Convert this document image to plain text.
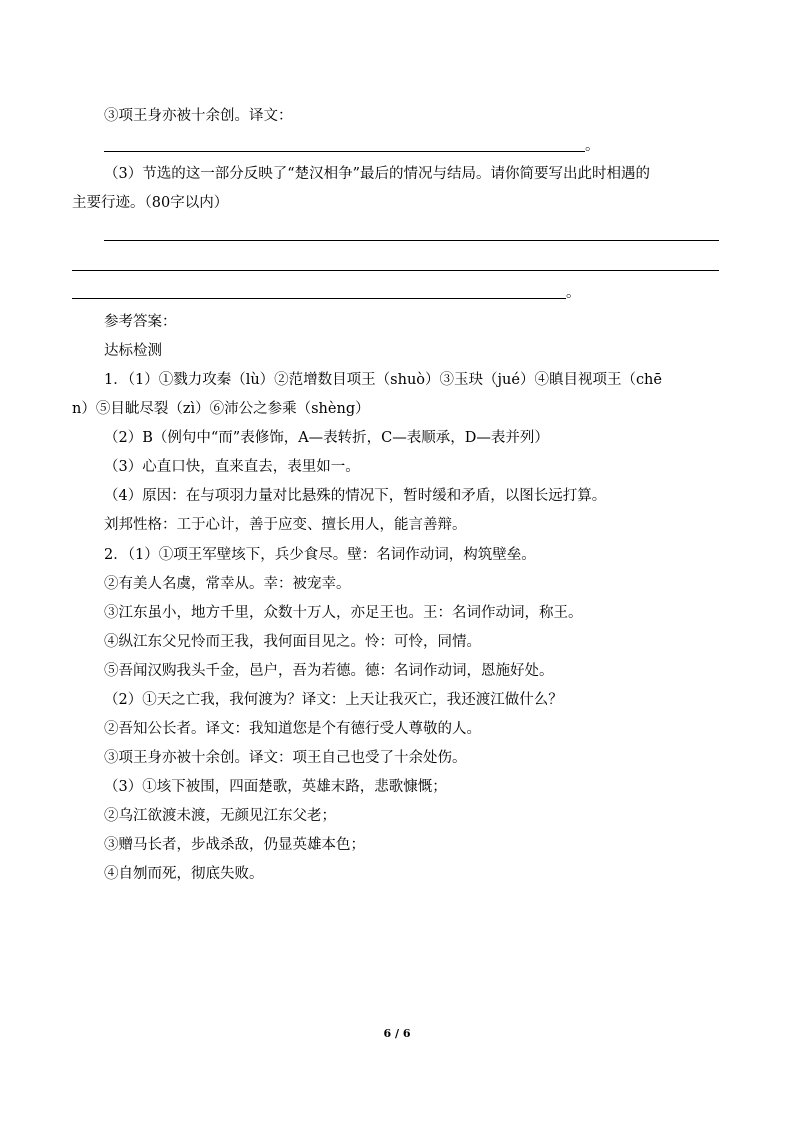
③项王身亦被十余创。译文：
。
（3）节选的这一部分反映了“楚汉相争”最后的情况与结局。请你简要写出此时相遇的
主要行迹。（80字以内）
。
参考答案：
达标检测
1．（1）①戮力攻秦（lù）②范增数目项王（shuò）③玉玦（jué）④瞋目视项王（chē
n）⑤目眦尽裂（zì）⑥沛公之参乘（shèng）
（2）B（例句中“而”表修饰，A—表转折，C—表顺承，D—表并列）
（3）心直口快，直来直去，表里如一。
（4）原因：在与项羽力量对比悬殊的情况下，暂时缓和矛盾，以图长远打算。
刘邦性格：工于心计，善于应变、擅长用人，能言善辩。
2．（1）①项王军壁垓下，兵少食尽。壁：名词作动词，构筑壁垒。
②有美人名虞，常幸从。幸：被宠幸。
③江东虽小，地方千里，众数十万人，亦足王也。王：名词作动词，称王。
④纵江东父兄怜而王我，我何面目见之。怜：可怜，同情。
⑤吾闻汉购我头千金，邑户，吾为若德。德：名词作动词，恩施好处。
（2）①天之亡我，我何渡为？译文：上天让我灭亡，我还渡江做什么？
②吾知公长者。译文：我知道您是个有德行受人尊敬的人。
③项王身亦被十余创。译文：项王自己也受了十余处伤。
（3）①垓下被围，四面楚歌，英雄末路，悲歌慷慨；
②乌江欲渡未渡，无颜见江东父老；
③赠马长者，步战杀敌，仍显英雄本色；
④自刎而死，彻底失败。
6 / 6
